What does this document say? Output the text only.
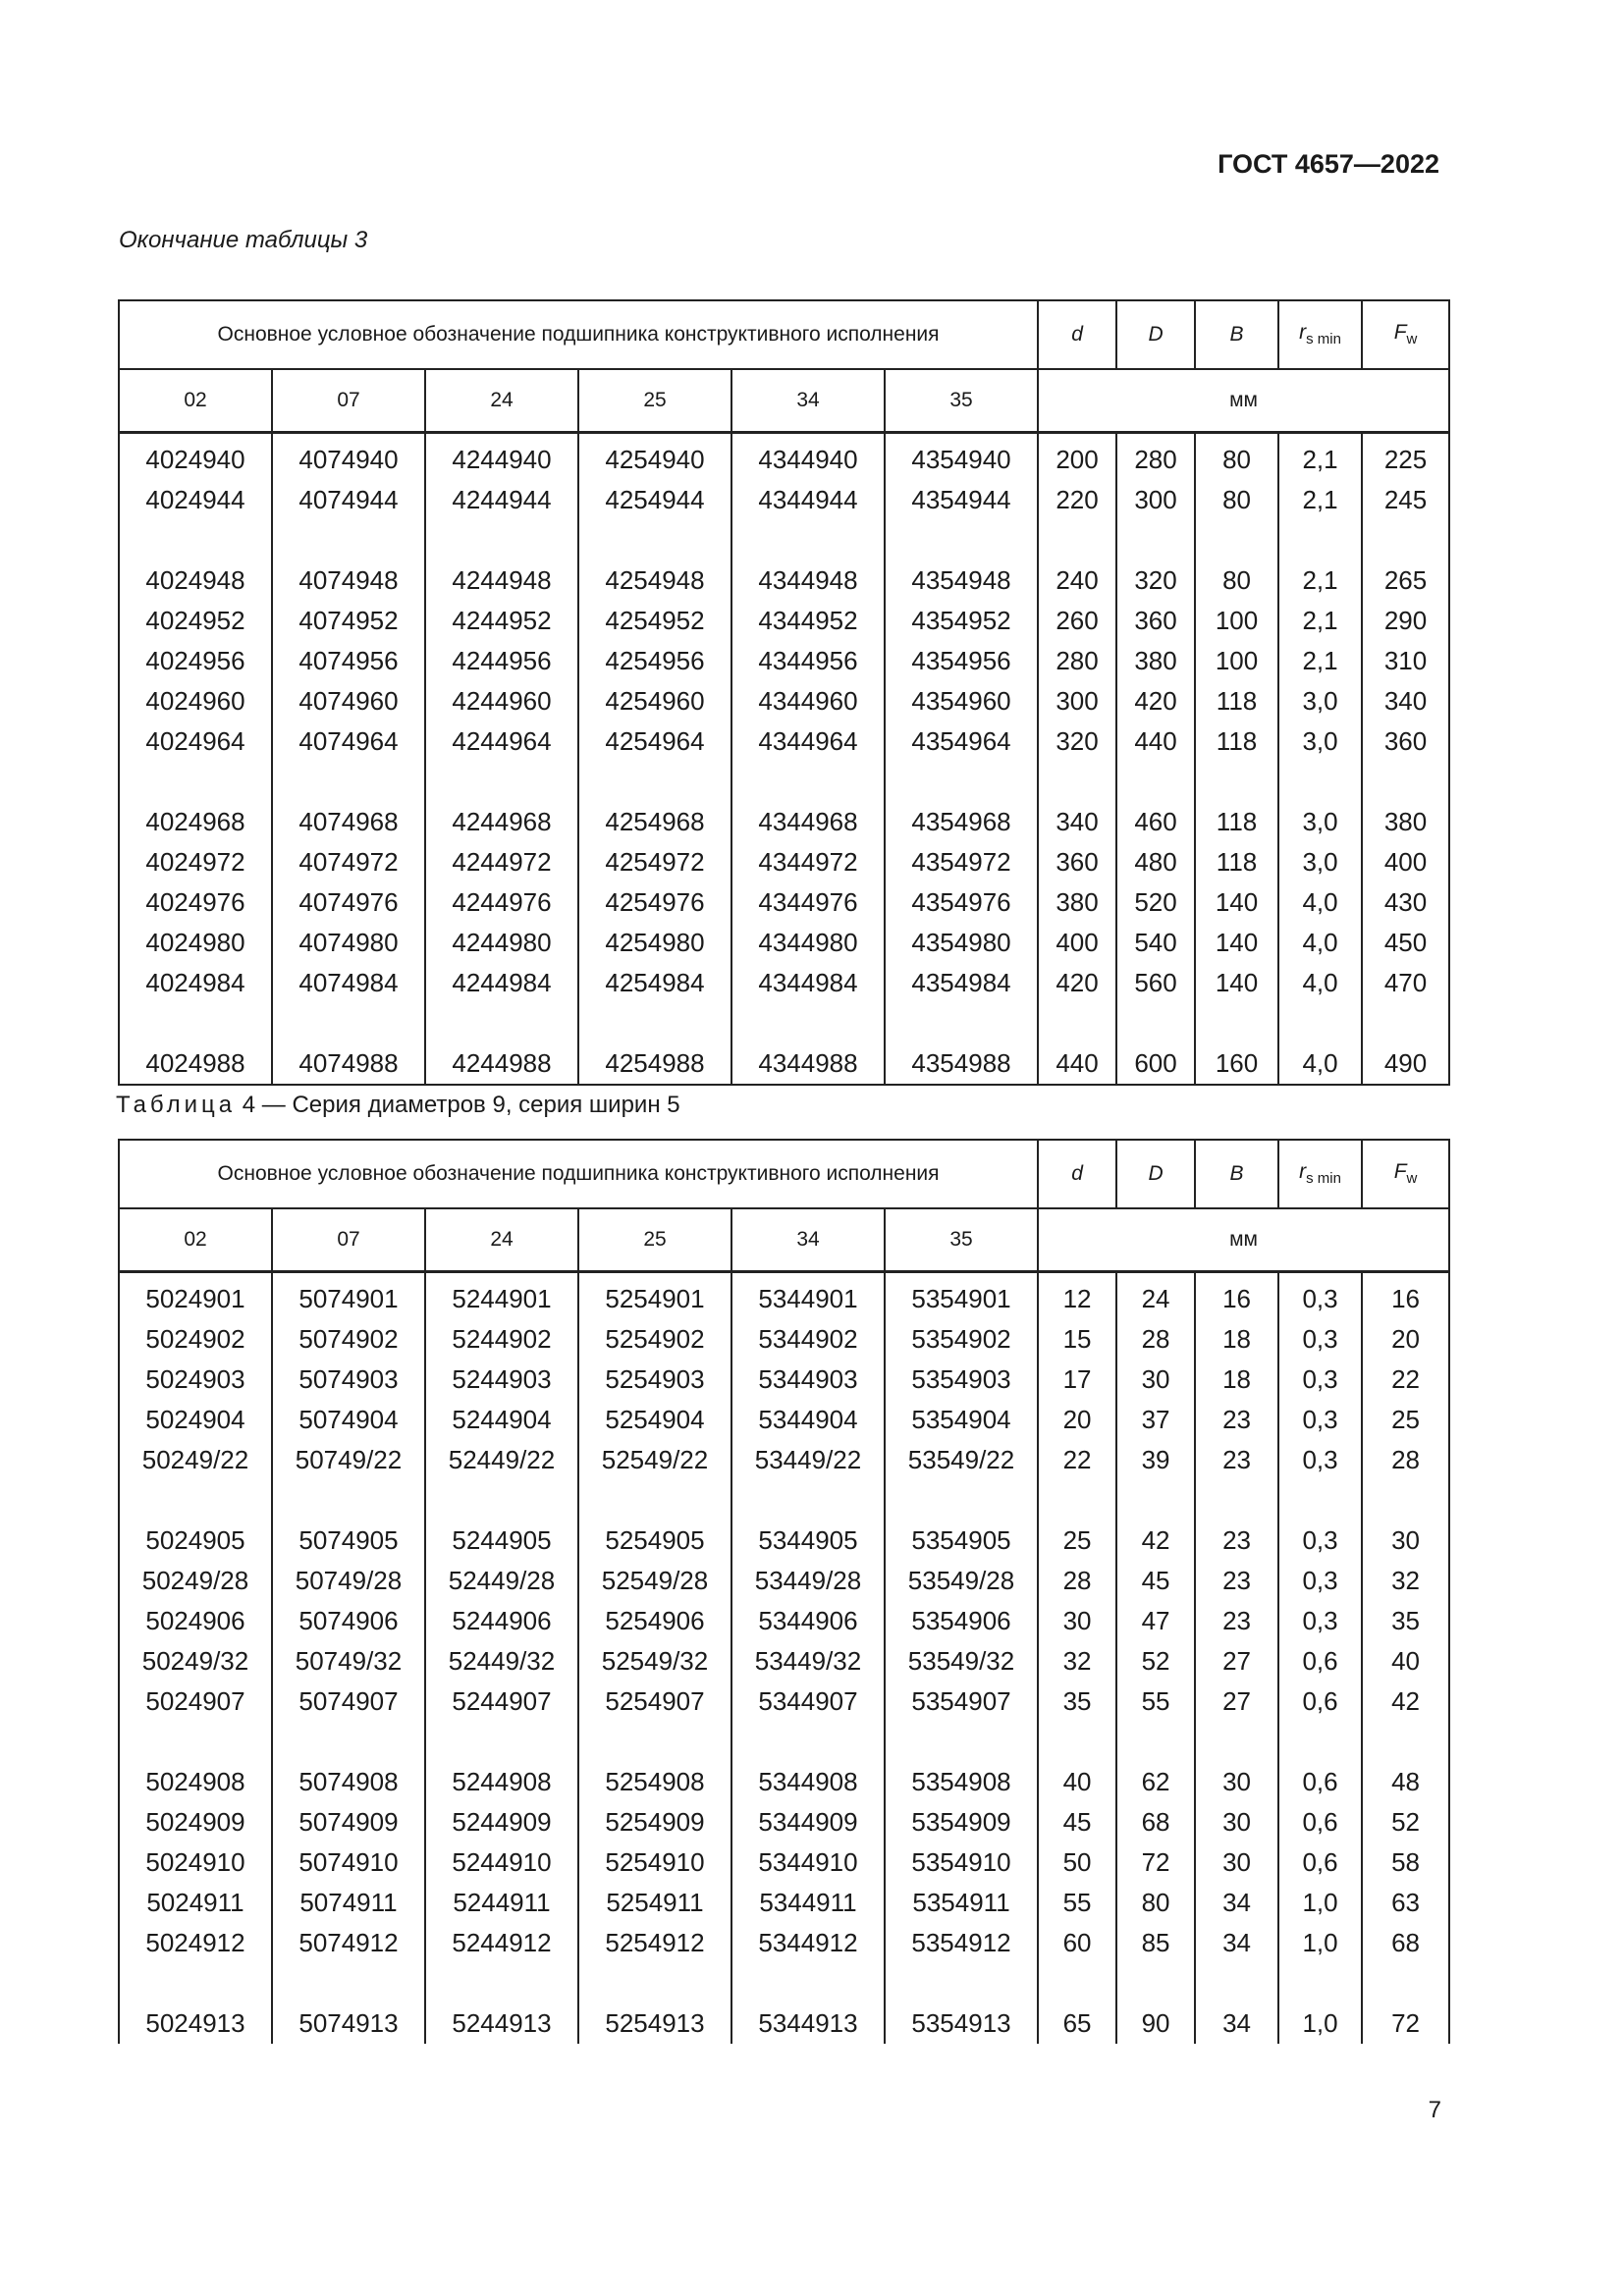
ГОСТ 4657—2022
Окончание таблицы 3
Основное условное обозначение подшипника конструктивного исполнения						d	D	B	$r_{s min}$	$F_w$
02	07	24	25	34	35	мм				
4024940	4074940	4244940	4254940	4344940	4354940	200	280	80	2,1	225
4024944	4074944	4244944	4254944	4344944	4354944	220	300	80	2,1	245

4024948	4074948	4244948	4254948	4344948	4354948	240	320	80	2,1	265
4024952	4074952	4244952	4254952	4344952	4354952	260	360	100	2,1	290
4024956	4074956	4244956	4254956	4344956	4354956	280	380	100	2,1	310
4024960	4074960	4244960	4254960	4344960	4354960	300	420	118	3,0	340
4024964	4074964	4244964	4254964	4344964	4354964	320	440	118	3,0	360

4024968	4074968	4244968	4254968	4344968	4354968	340	460	118	3,0	380
4024972	4074972	4244972	4254972	4344972	4354972	360	480	118	3,0	400
4024976	4074976	4244976	4254976	4344976	4354976	380	520	140	4,0	430
4024980	4074980	4244980	4254980	4344980	4354980	400	540	140	4,0	450
4024984	4074984	4244984	4254984	4344984	4354984	420	560	140	4,0	470

4024988	4074988	4244988	4254988	4344988	4354988	440	600	160	4,0	490
Таблица 4 — Серия диаметров 9, серия ширин 5
Основное условное обозначение подшипника конструктивного исполнения						d	D	B	$r_{s min}$	$F_w$
02	07	24	25	34	35	мм				
5024901	5074901	5244901	5254901	5344901	5354901	12	24	16	0,3	16
5024902	5074902	5244902	5254902	5344902	5354902	15	28	18	0,3	20
5024903	5074903	5244903	5254903	5344903	5354903	17	30	18	0,3	22
5024904	5074904	5244904	5254904	5344904	5354904	20	37	23	0,3	25
50249/22	50749/22	52449/22	52549/22	53449/22	53549/22	22	39	23	0,3	28

5024905	5074905	5244905	5254905	5344905	5354905	25	42	23	0,3	30
50249/28	50749/28	52449/28	52549/28	53449/28	53549/28	28	45	23	0,3	32
5024906	5074906	5244906	5254906	5344906	5354906	30	47	23	0,3	35
50249/32	50749/32	52449/32	52549/32	53449/32	53549/32	32	52	27	0,6	40
5024907	5074907	5244907	5254907	5344907	5354907	35	55	27	0,6	42

5024908	5074908	5244908	5254908	5344908	5354908	40	62	30	0,6	48
5024909	5074909	5244909	5254909	5344909	5354909	45	68	30	0,6	52
5024910	5074910	5244910	5254910	5344910	5354910	50	72	30	0,6	58
5024911	5074911	5244911	5254911	5344911	5354911	55	80	34	1,0	63
5024912	5074912	5244912	5254912	5344912	5354912	60	85	34	1,0	68

5024913	5074913	5244913	5254913	5344913	5354913	65	90	34	1,0	72
7
